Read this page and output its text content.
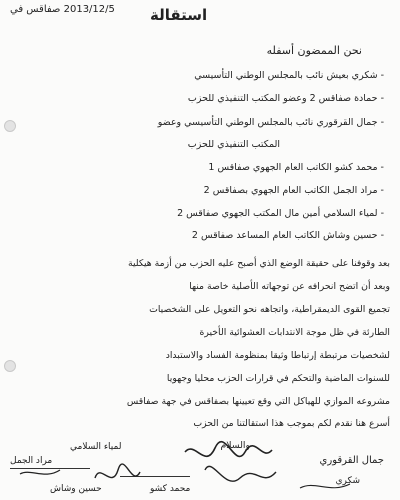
2013/12/5 صفاقس في استقالة
نحن الممضون أسفله
- شكري بعيش نائب بالمجلس الوطني التأسيسي
- حمادة صفاقس 2 وعضو المكتب التنفيذي للحزب
- جمال القرقوري نائب بالمجلس الوطني التأسيسي وعضو
المكتب التنفيذي للحزب
- محمد كشو الكاتب العام الجهوي صفاقس 1
- مراد الجمل الكاتب العام الجهوي بصفاقس 2
- لمياء السلامي أمين مال المكتب الجهوي صفاقس 2
- حسين وشاش الكاتب العام المساعد صفاقس 2
بعد وقوفنا على حقيقة الوضع الذي أصبح عليه الحزب من أزمة هيكلية
وبعد أن اتضح انحرافه عن توجهاته الأصلية خاصة منها
تجميع القوى الديمقراطية، واتجاهه نحو التعويل على الشخصيات
الطارئة في ظل موجة الانتدابات العشوائية الأخيرة
لشخصيات مرتبطة إرتباطا وثيقا بمنظومة الفساد والاستبداد
للسنوات الماضية والتحكم في قرارات الحزب محليا وجهويا
مشروعه الموازي للهياكل التي وقع تعيينها بصفاقس في جهة صفاقس
أسرع هنا نقدم لكم بموجب هذا استقالتنا من الحزب
والسلام
جمال القرقوري
شكري
لمياء السلامي
مراد الجمل
حسين وشاش	محمد كشو
